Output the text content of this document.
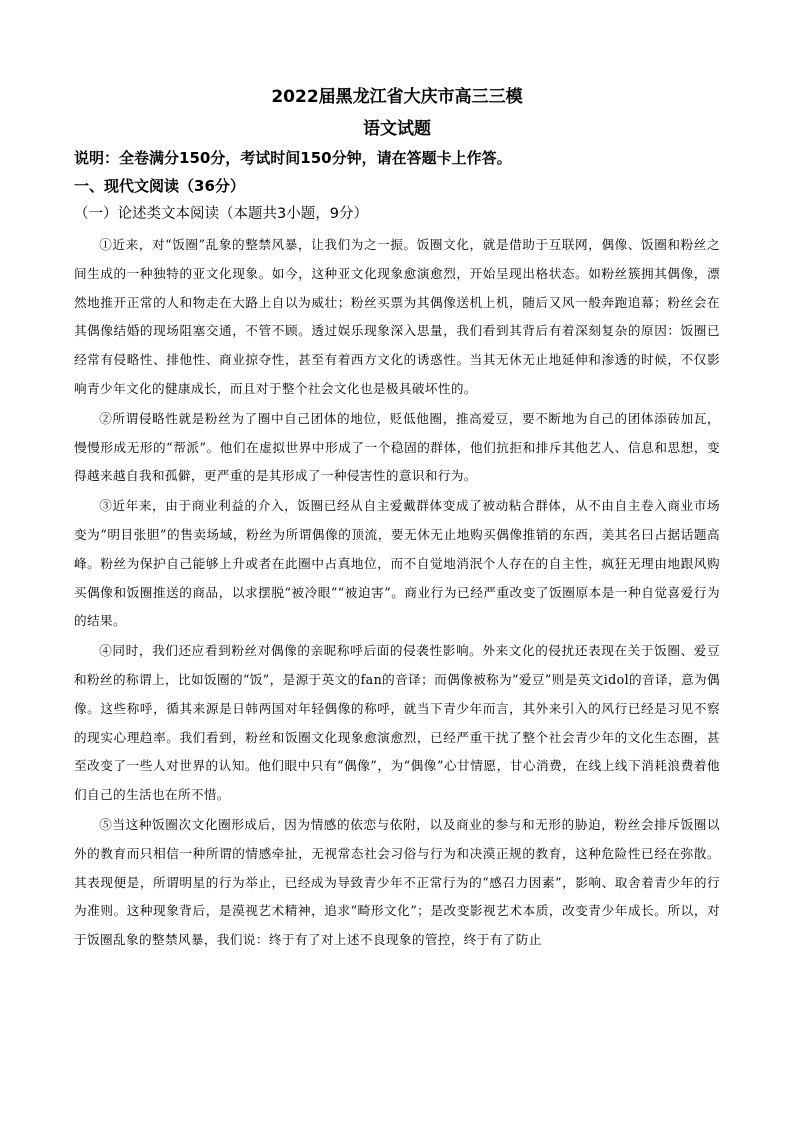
2022届黑龙江省大庆市高三三模
语文试题
说明：全卷满分150分，考试时间150分钟，请在答题卡上作答。
一、现代文阅读（36分）
（一）论述类文本阅读（本题共3小题，9分）

①近来，对“饭圈”乱象的整禁风暴，让我们为之一振。饭圈文化，就是借助于互联网，偶像、饭圈和粉丝之间生成的一种独特的亚文化现象。如今，这种亚文化现象愈演愈烈，开始呈现出格状态。如粉丝簇拥其偶像，漂然地推开正常的人和物走在大路上自以为威壮；粉丝买票为其偶像送机上机，随后又风一般奔跑追幕；粉丝会在其偶像结婚的现场阻塞交通，不管不顾。透过娱乐现象深入思量，我们看到其背后有着深刻复杂的原因：饭圈已经常有侵略性、排他性、商业掠夺性，甚至有着西方文化的诱惑性。当其无休无止地延伸和渗透的时候，不仅影响青少年文化的健康成长，而且对于整个社会文化也是极具破坏性的。

②所谓侵略性就是粉丝为了圈中自己团体的地位，贬低他圈，推高爱豆，要不断地为自己的团体添砖加瓦，慢慢形成无形的“帮派”。他们在虚拟世界中形成了一个稳固的群体，他们抗拒和排斥其他艺人、信息和思想，变得越来越自我和孤僻，更严重的是其形成了一种侵害性的意识和行为。

③近年来，由于商业利益的介入，饭圈已经从自主爱戴群体变成了被动粘合群体，从不由自主卷入商业市场变为“明目张胆”的售卖场域，粉丝为所谓偶像的顶流，要无休无止地购买偶像推销的东西，美其名曰占据话题高峰。粉丝为保护自己能够上升或者在此圈中占真地位，而不自觉地消泯个人存在的自主性，疯狂无理由地跟风购买偶像和饭圈推送的商品，以求摆脱“被冷眼”“被迫害”。商业行为已经严重改变了饭圈原本是一种自觉喜爱行为的结果。

④同时，我们还应看到粉丝对偶像的亲昵称呼后面的侵袭性影响。外来文化的侵扰还表现在关于饭圈、爱豆和粉丝的称谓上，比如饭圈的“饭”，是源于英文的fan的音译；而偶像被称为“爱豆”则是英文idol的音译，意为偶像。这些称呼，循其来源是日韩两国对年轻偶像的称呼，就当下青少年而言，其外来引入的风行已经是习见不察的现实心理趋率。我们看到，粉丝和饭圈文化现象愈演愈烈，已经严重干扰了整个社会青少年的文化生态圈，甚至改变了一些人对世界的认知。他们眼中只有“偶像”，为“偶像”心甘情愿，甘心消费，在线上线下消耗浪费着他们自己的生活也在所不惜。

⑤当这种饭圈次文化圈形成后，因为情感的依恋与依附，以及商业的参与和无形的胁迫，粉丝会排斥饭圈以外的教育而只相信一种所谓的情感牵扯，无视常态社会习俗与行为和决漠正规的教育，这种危险性已经在弥散。其表现便是，所谓明星的行为举止，已经成为导致青少年不正常行为的“感召力因素”，影响、取舍着青少年的行为准则。这种现象背后，是漠视艺术精神，追求“畸形文化”；是改变影视艺术本质，改变青少年成长。所以，对于饭圈乱象的整禁风暴，我们说：终于有了对上述不良现象的管控，终于有了防止
